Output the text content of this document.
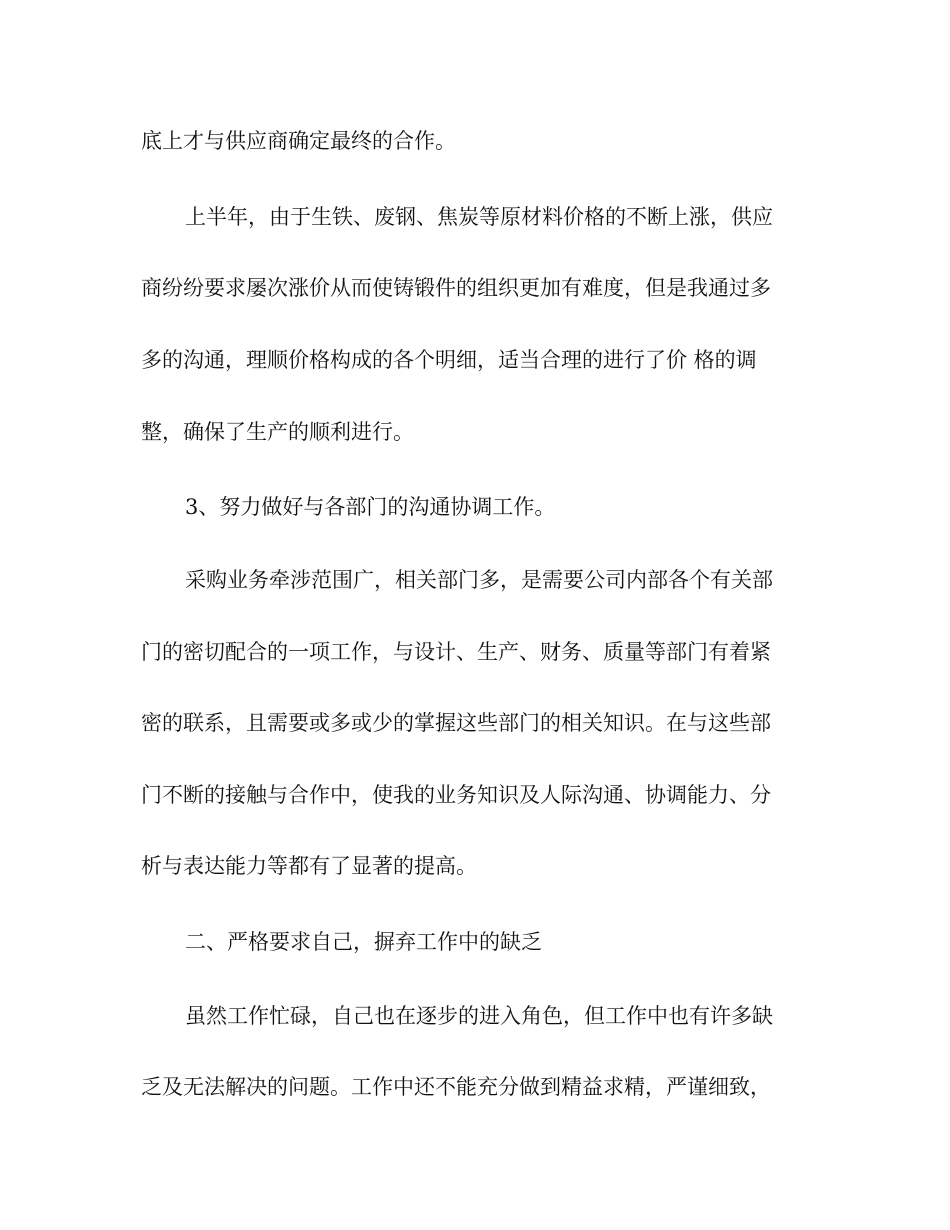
底上才与供应商确定最终的合作。

上半年，由于生铁、废钢、焦炭等原材料价格的不断上涨，供应

商纷纷要求屡次涨价从而使铸锻件的组织更加有难度，但是我通过多

多的沟通，理顺价格构成的各个明细，适当合理的进行了价 格的调

整，确保了生产的顺利进行。

3、努力做好与各部门的沟通协调工作。

采购业务牵涉范围广，相关部门多，是需要公司内部各个有关部

门的密切配合的一项工作，与设计、生产、财务、质量等部门有着紧

密的联系，且需要或多或少的掌握这些部门的相关知识。在与这些部

门不断的接触与合作中，使我的业务知识及人际沟通、协调能力、分

析与表达能力等都有了显著的提高。

二、严格要求自己，摒弃工作中的缺乏

虽然工作忙碌，自己也在逐步的进入角色，但工作中也有许多缺

乏及无法解决的问题。工作中还不能充分做到精益求精，严谨细致，
